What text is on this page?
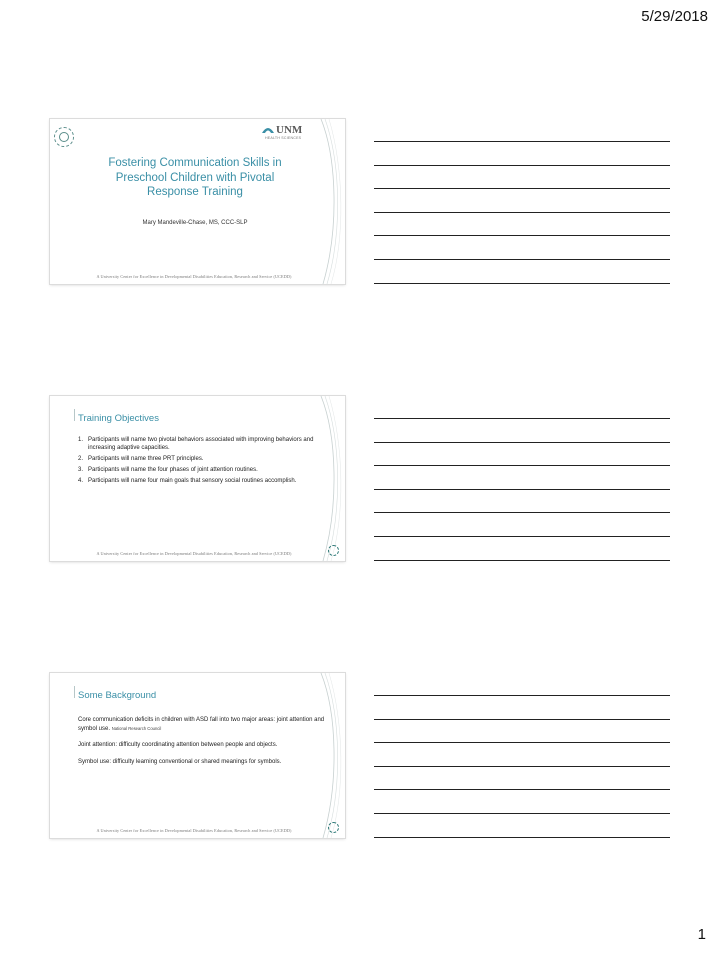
5/29/2018
UNM
HEALTH SCIENCES
Fostering Communication Skills in
Preschool Children with Pivotal
Response Training
Mary Mandeville-Chase, MS, CCC-SLP
A University Center for Excellence in Developmental Disabilities Education, Research and Service (UCEDD)
Training Objectives
1. Participants will name two pivotal behaviors associated with improving behaviors and increasing adaptive capacities.
2. Participants will name three PRT principles.
3. Participants will name the four phases of joint attention routines.
4. Participants will name four main goals that sensory social routines accomplish.
A University Center for Excellence in Developmental Disabilities Education, Research and Service (UCEDD)
Some Background

Core communication deficits in children with ASD fall into two major areas: joint attention and symbol use. National Research Council

Joint attention: difficulty coordinating attention between people and objects.

Symbol use: difficulty learning conventional or shared meanings for symbols.

A University Center for Excellence in Developmental Disabilities Education, Research and Service (UCEDD)
1
